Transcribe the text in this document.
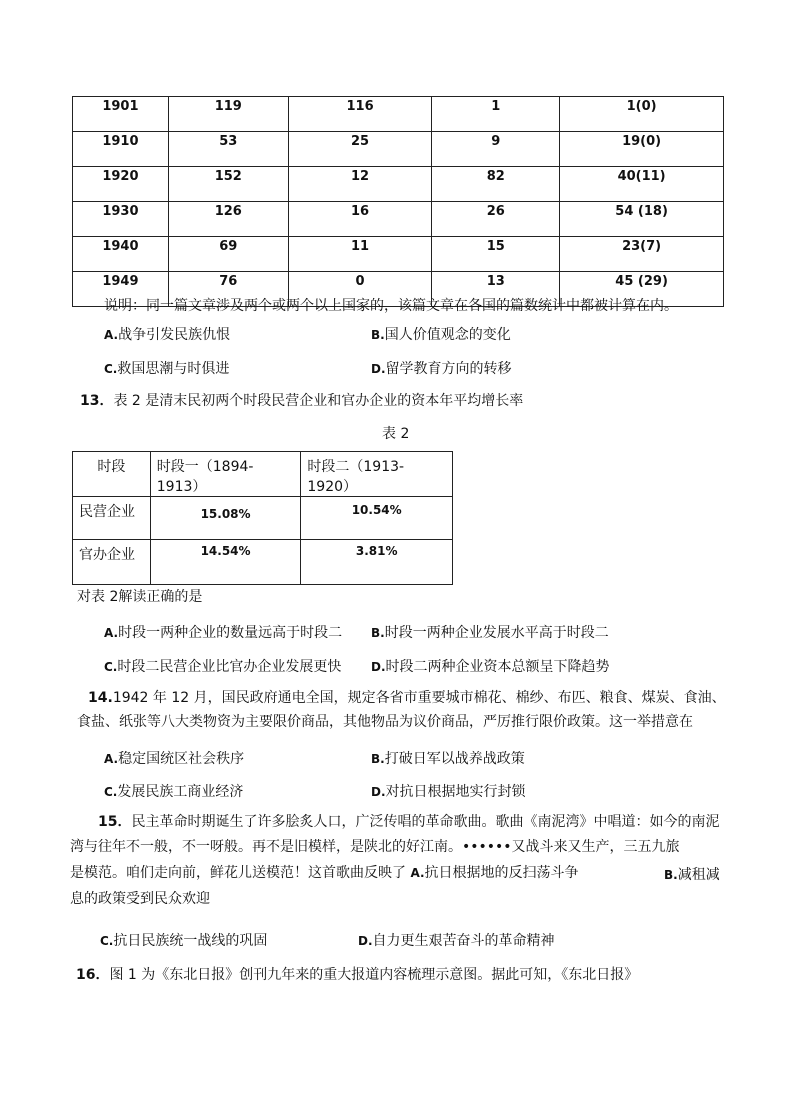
1901	119	116	1	1(0)
1910	53	25	9	19(0)
1920	152	12	82	40(11)
1930	126	16	26	54 (18)
1940	69	11	15	23(7)
1949	76	0	13	45 (29)
说明：同一篇文章涉及两个或两个以上国家的，该篇文章在各国的篇数统计中都被计算在内。
A.战争引发民族仇恨	B.国人价值观念的变化
C.救国思潮与时俱进	D.留学教育方向的转移
13．表 2 是清末民初两个时段民营企业和官办企业的资本年平均增长率
表 2
时段	时段一（1894-1913）	时段二（1913-1920）
民营企业	15.08%	10.54%
官办企业	14.54%	3.81%
对表 2解读正确的是
A.时段一两种企业的数量远高于时段二 B.时段一两种企业发展水平高于时段二
C.时段二民营企业比官办企业发展更快 D.时段二两种企业资本总额呈下降趋势
14.1942 年 12 月，国民政府通电全国，规定各省市重要城市棉花、棉纱、布匹、粮食、煤炭、食油、
食盐、纸张等八大类物资为主要限价商品，其他物品为议价商品，严厉推行限价政策。这一举措意在
A.稳定国统区社会秩序	B.打破日军以战养战政策
C.发展民族工商业经济	D.对抗日根据地实行封锁
15．民主革命时期诞生了许多脍炙人口，广泛传唱的革命歌曲。歌曲《南泥湾》中唱道：如今的南泥
湾与往年不一般，不一呀般。再不是旧模样，是陕北的好江南。••••••又战斗来又生产，三五九旅
是模范。咱们走向前，鲜花儿送模范！这首歌曲反映了 A.抗日根据地的反扫荡斗争	B.减租减
息的政策受到民众欢迎
C.抗日民族统一战线的巩固	D.自力更生艰苦奋斗的革命精神
16．图 1 为《东北日报》创刊九年来的重大报道内容梳理示意图。据此可知，《东北日报》
